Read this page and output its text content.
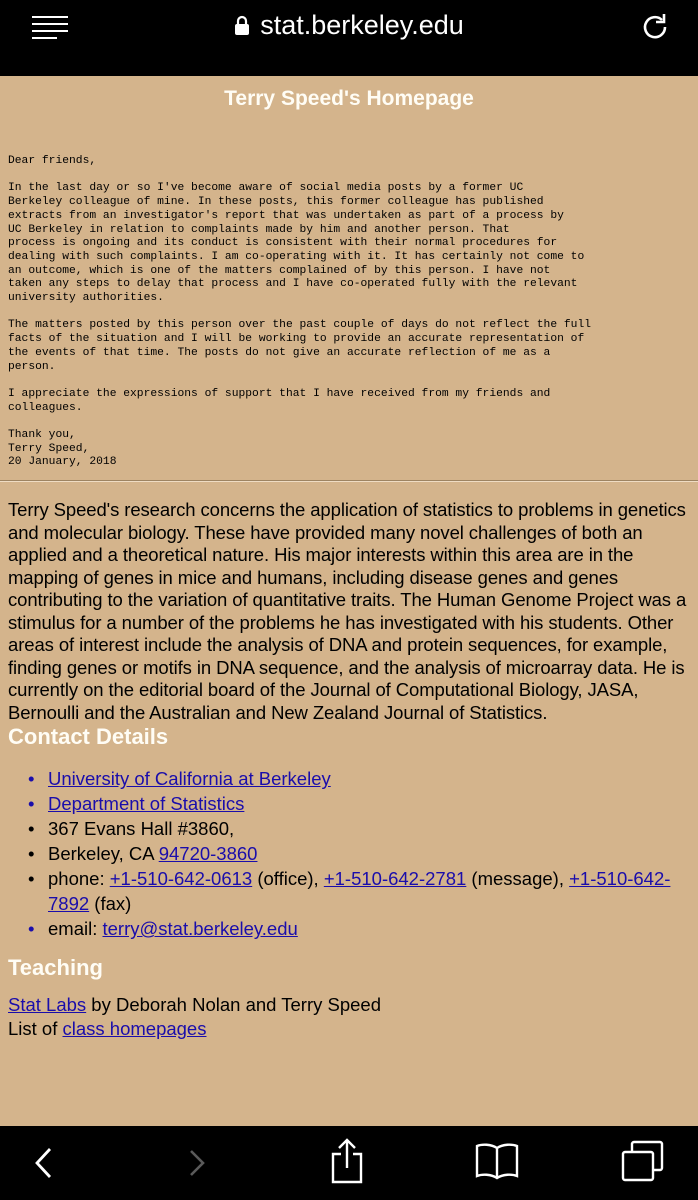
stat.berkeley.edu
Terry Speed's Homepage
Dear friends,

In the last day or so I've become aware of social media posts by a former UC
Berkeley colleague of mine. In these posts, this former colleague has published
extracts from an investigator's report that was undertaken as part of a process by
UC Berkeley in relation to complaints made by him and another person. That
process is ongoing and its conduct is consistent with their normal procedures for
dealing with such complaints. I am co-operating with it. It has certainly not come to
an outcome, which is one of the matters complained of by this person. I have not
taken any steps to delay that process and I have co-operated fully with the relevant
university authorities.

The matters posted by this person over the past couple of days do not reflect the full
facts of the situation and I will be working to provide an accurate representation of
the events of that time. The posts do not give an accurate reflection of me as a
person.

I appreciate the expressions of support that I have received from my friends and
colleagues.

Thank you,
Terry Speed,
20 January, 2018

Terry Speed's research concerns the application of statistics to problems in genetics and molecular biology. These have provided many novel challenges of both an applied and a theoretical nature. His major interests within this area are in the mapping of genes in mice and humans, including disease genes and genes contributing to the variation of quantitative traits. The Human Genome Project was a stimulus for a number of the problems he has investigated with his students. Other areas of interest include the analysis of DNA and protein sequences, for example, finding genes or motifs in DNA sequence, and the analysis of microarray data. He is currently on the editorial board of the Journal of Computational Biology, JASA, Bernoulli and the Australian and New Zealand Journal of Statistics.

Contact Details
• University of California at Berkeley
• Department of Statistics
• 367 Evans Hall #3860,
• Berkeley, CA 94720-3860
• phone: +1-510-642-0613 (office), +1-510-642-2781 (message), +1-510-642-7892 (fax)
• email: terry@stat.berkeley.edu
Teaching
Stat Labs by Deborah Nolan and Terry Speed
List of class homepages
